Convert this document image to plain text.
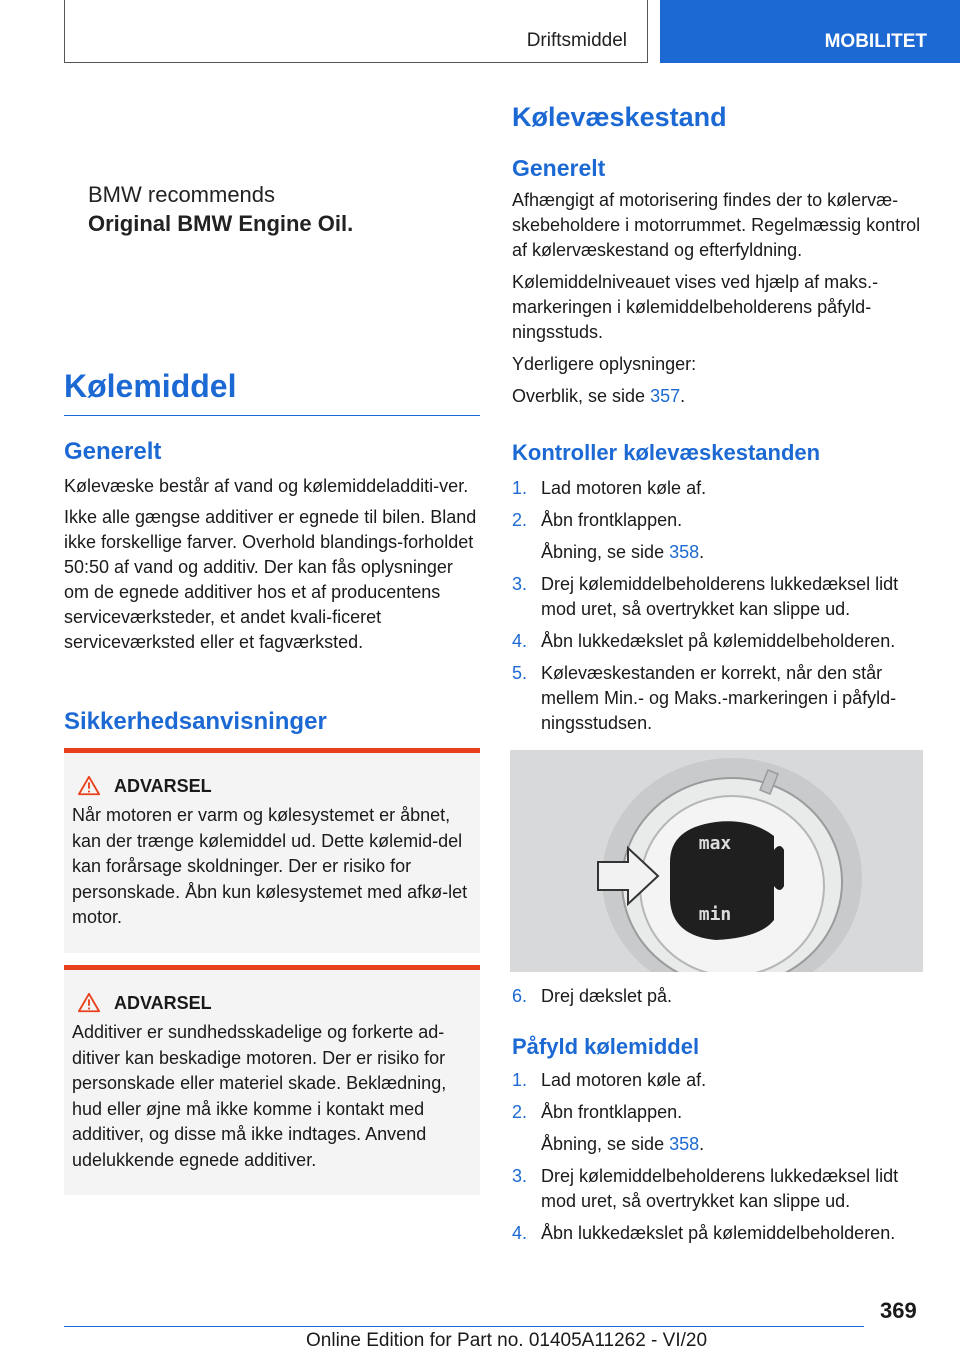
Driftsmiddel	MOBILITET
BMW recommends
Original BMW Engine Oil.
Kølemiddel
Generelt

Kølevæske består af vand og kølemiddeladditi-ver.

Ikke alle gængse additiver er egnede til bilen. Bland ikke forskellige farver. Overhold blandings-forholdet 50:50 af vand og additiv. Der kan fås oplysninger om de egnede additiver hos et af producentens serviceværksteder, et andet kvali-ficeret serviceværksted eller et fagværksted.

Sikkerhedsanvisninger
ADVARSEL

Når motoren er varm og kølesystemet er åbnet, kan der trænge kølemiddel ud. Dette kølemid-del kan forårsage skoldninger. Der er risiko for personskade. Åbn kun kølesystemet med afkø-let motor.

ADVARSEL

Additiver er sundhedsskadelige og forkerte ad-ditiver kan beskadige motoren. Der er risiko for personskade eller materiel skade. Beklædning, hud eller øjne må ikke komme i kontakt med additiver, og disse må ikke indtages. Anvend udelukkende egnede additiver.

Kølevæskestand
Generelt

Afhængigt af motorisering findes der to kølervæ-skebeholdere i motorrummet. Regelmæssig kontrol af kølervæskestand og efterfyldning.

Kølemiddelniveauet vises ved hjælp af maks.-markeringen i kølemiddelbeholderens påfyld-ningsstuds.

Yderligere oplysninger:

Overblik, se side 357.

Kontroller kølevæskestanden
1. Lad motoren køle af.
2. Åbn frontklappen.
Åbning, se side 358.
3. Drej kølemiddelbeholderens lukkedæksel lidt mod uret, så overtrykket kan slippe ud.
4. Åbn lukkedækslet på kølemiddelbeholderen.
5. Kølevæskestanden er korrekt, når den står mellem Min.- og Maks.-markeringen i påfyld-ningsstudsen.
max
min
6. Drej dækslet på.
Påfyld kølemiddel
1. Lad motoren køle af.
2. Åbn frontklappen.
Åbning, se side 358.
3. Drej kølemiddelbeholderens lukkedæksel lidt mod uret, så overtrykket kan slippe ud.
4. Åbn lukkedækslet på kølemiddelbeholderen.
369
Online Edition for Part no. 01405A11262 - VI/20
